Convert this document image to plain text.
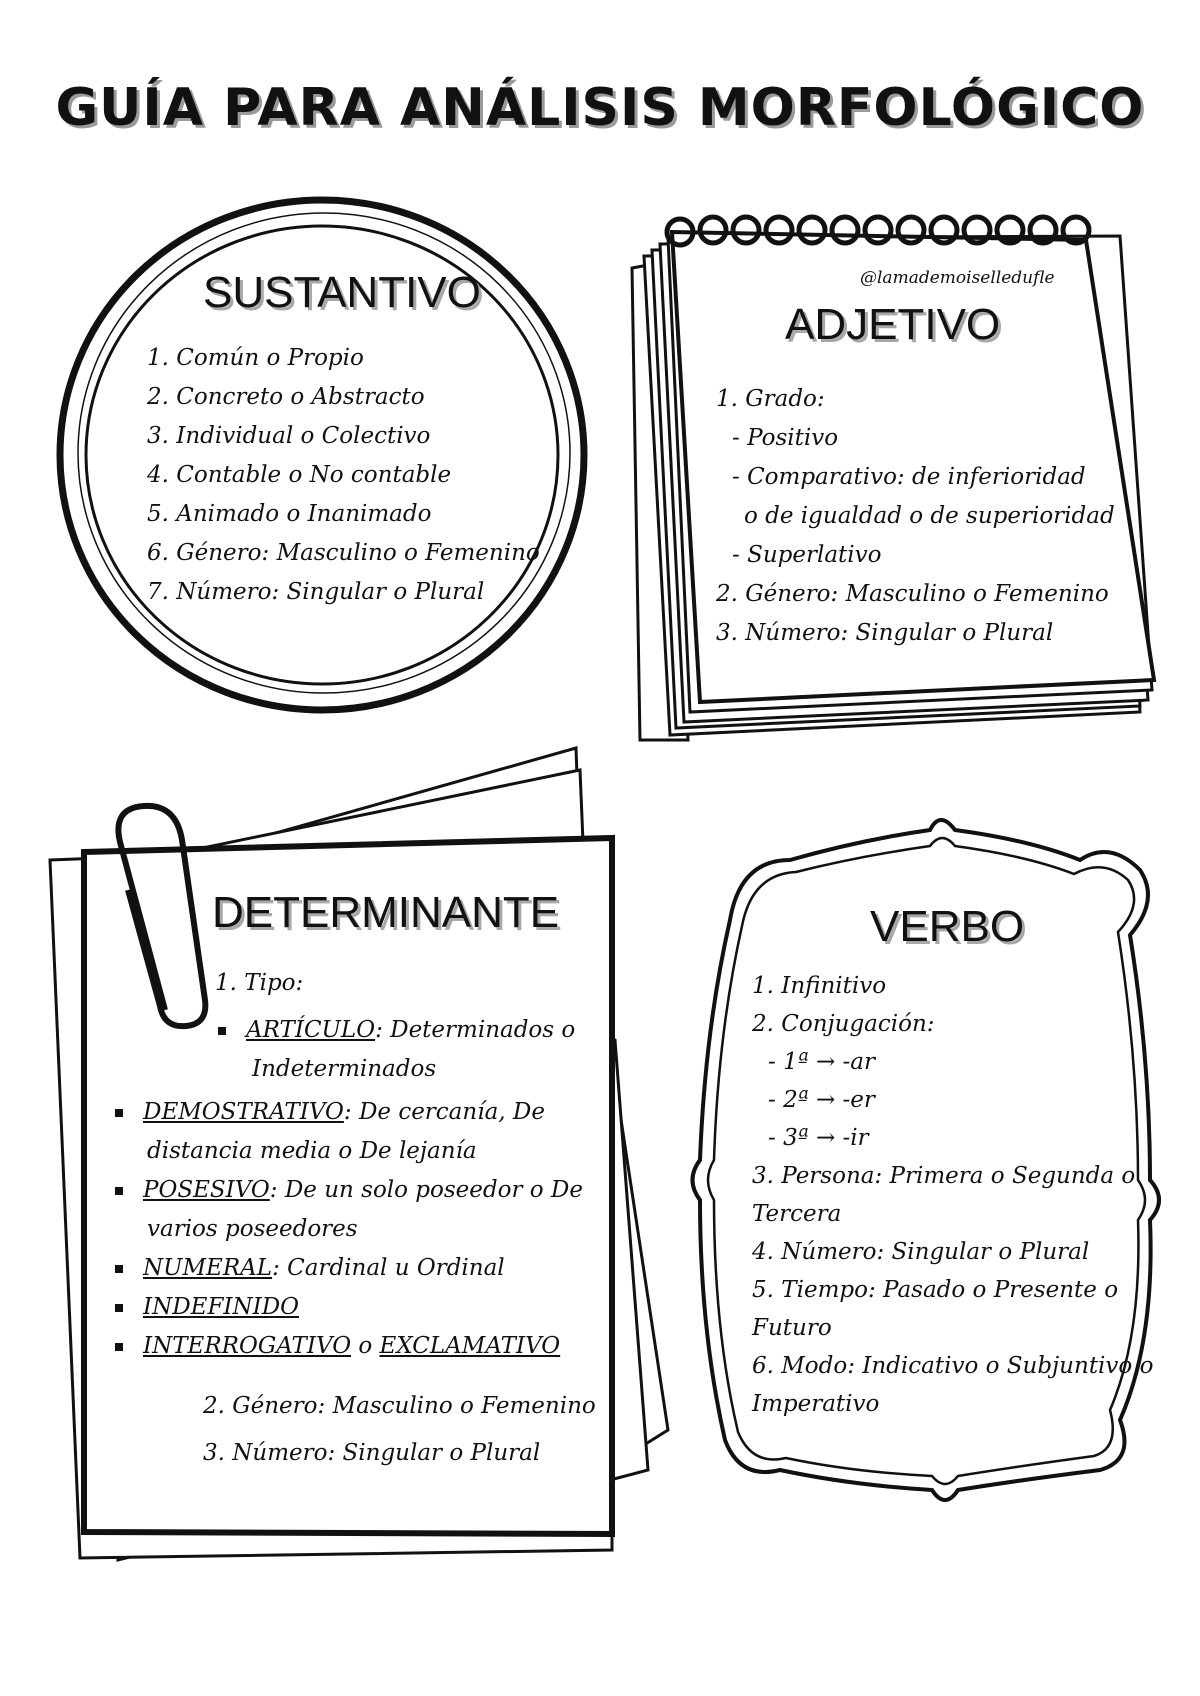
GUÍA PARA ANÁLISIS MORFOLÓGICO
SUSTANTIVO
1. Común o Propio
2. Concreto o Abstracto
3. Individual o Colectivo
4. Contable o No contable
5. Animado o Inanimado
6. Género: Masculino o Femenino
7. Número: Singular o Plural
@lamademoiselledufle
ADJETIVO
1. Grado:
- Positivo
- Comparativo: de inferioridad
o de igualdad o de superioridad
- Superlativo
2. Género: Masculino o Femenino
3. Número: Singular o Plural
DETERMINANTE
1. Tipo:
ARTÍCULO: Determinados o
Indeterminados
DEMOSTRATIVO: De cercanía, De
distancia media o De lejanía
POSESIVO: De un solo poseedor o De
varios poseedores
NUMERAL: Cardinal u Ordinal
INDEFINIDO
INTERROGATIVO o EXCLAMATIVO
2. Género: Masculino o Femenino
3. Número: Singular o Plural
VERBO
1. Infinitivo
2. Conjugación:
- 1ª → -ar
- 2ª → -er
- 3ª → -ir
3. Persona: Primera o Segunda o
Tercera
4. Número: Singular o Plural
5. Tiempo: Pasado o Presente o
Futuro
6. Modo: Indicativo o Subjuntivo o
Imperativo
